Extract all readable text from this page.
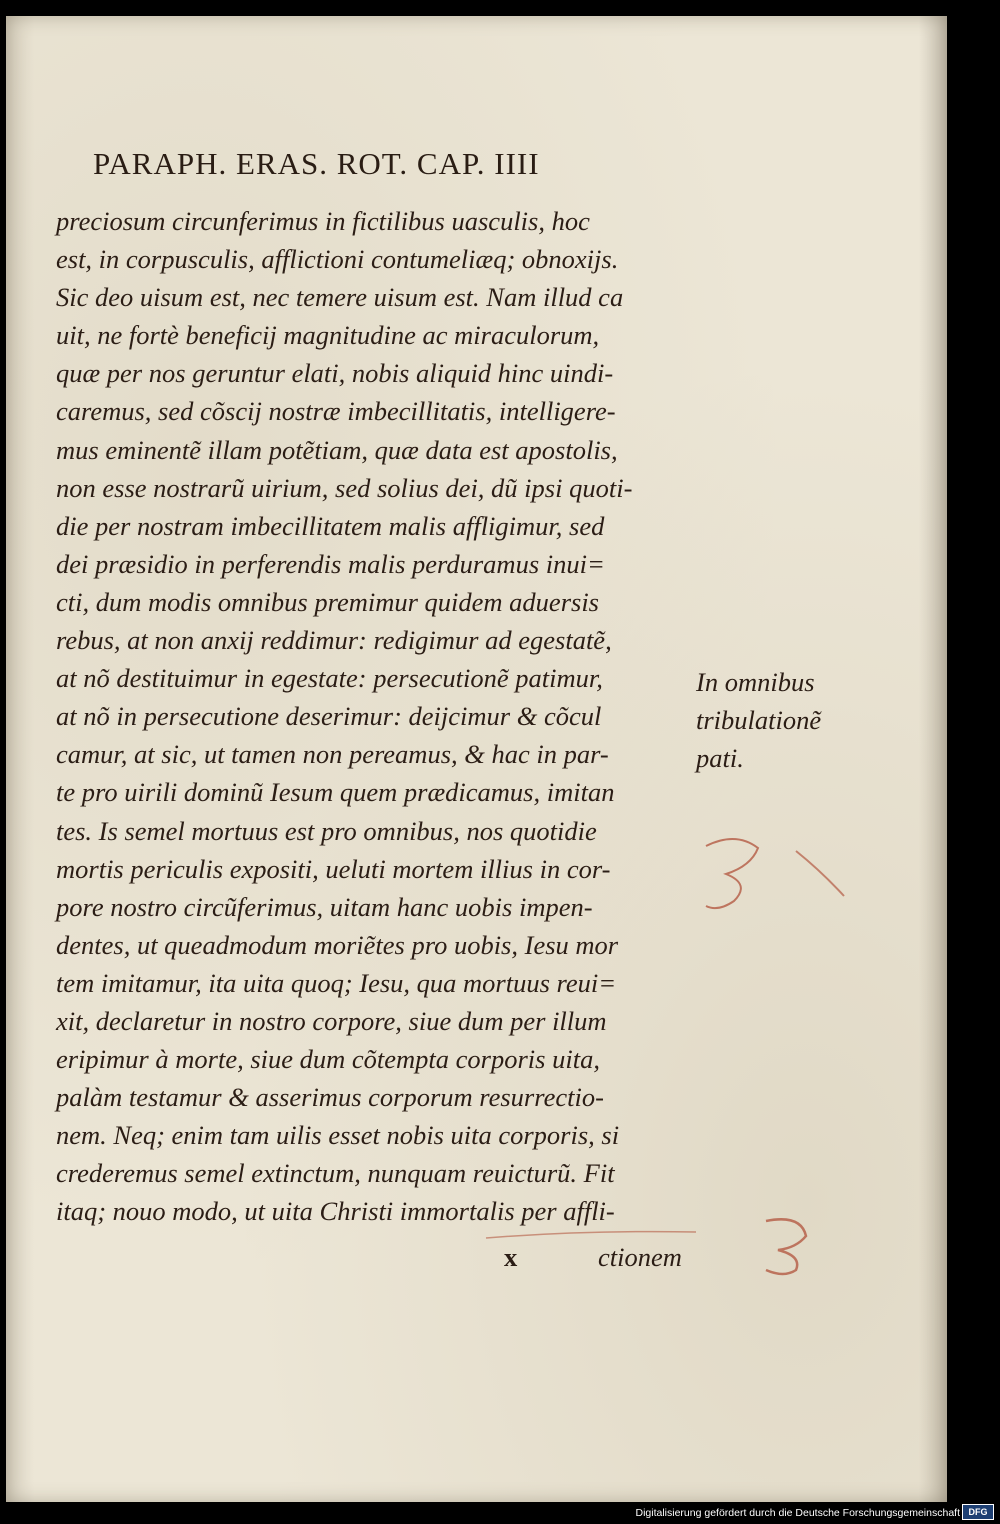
PARAPH. ERAS. ROT. CAP. IIII
preciosum circunferimus in fictilibus uasculis, hoc
est, in corpusculis, afflictioni contumeliæq; obnoxijs.
Sic deo uisum est, nec temere uisum est. Nam illud ca
uit, ne fortè beneficij magnitudine ac miraculorum,
quæ per nos geruntur elati, nobis aliquid hinc uindi-
caremus, sed cõscij nostræ imbecillitatis, intelligere-
mus eminentẽ illam potẽtiam, quæ data est apostolis,
non esse nostrarũ uirium, sed solius dei, dũ ipsi quoti-
die per nostram imbecillitatem malis affligimur, sed
dei præsidio in perferendis malis perduramus inui=
cti, dum modis omnibus premimur quidem aduersis
rebus, at non anxij reddimur: redigimur ad egestatẽ,
at nõ destituimur in egestate: persecutionẽ patimur,
at nõ in persecutione deserimur: deijcimur & cõcul
camur, at sic, ut tamen non pereamus, & hac in par-
te pro uirili dominũ Iesum quem prædicamus, imitan
tes. Is semel mortuus est pro omnibus, nos quotidie
mortis periculis expositi, ueluti mortem illius in cor-
pore nostro circũferimus, uitam hanc uobis impen-
dentes, ut queadmodum moriẽtes pro uobis, Iesu mor
tem imitamur, ita uita quoq; Iesu, qua mortuus reui=
xit, declaretur in nostro corpore, siue dum per illum
eripimur à morte, siue dum cõtempta corporis uita,
palàm testamur & asserimus corporum resurrectio-
nem. Neq; enim tam uilis esset nobis uita corporis, si
crederemus semel extinctum, nunquam reuicturũ. Fit
itaq; nouo modo, ut uita Christi immortalis per affli-
In omnibus
tribulationẽ
pati.
x	ctionem
Digitalisierung gefördert durch die Deutsche Forschungsgemeinschaft DFG
